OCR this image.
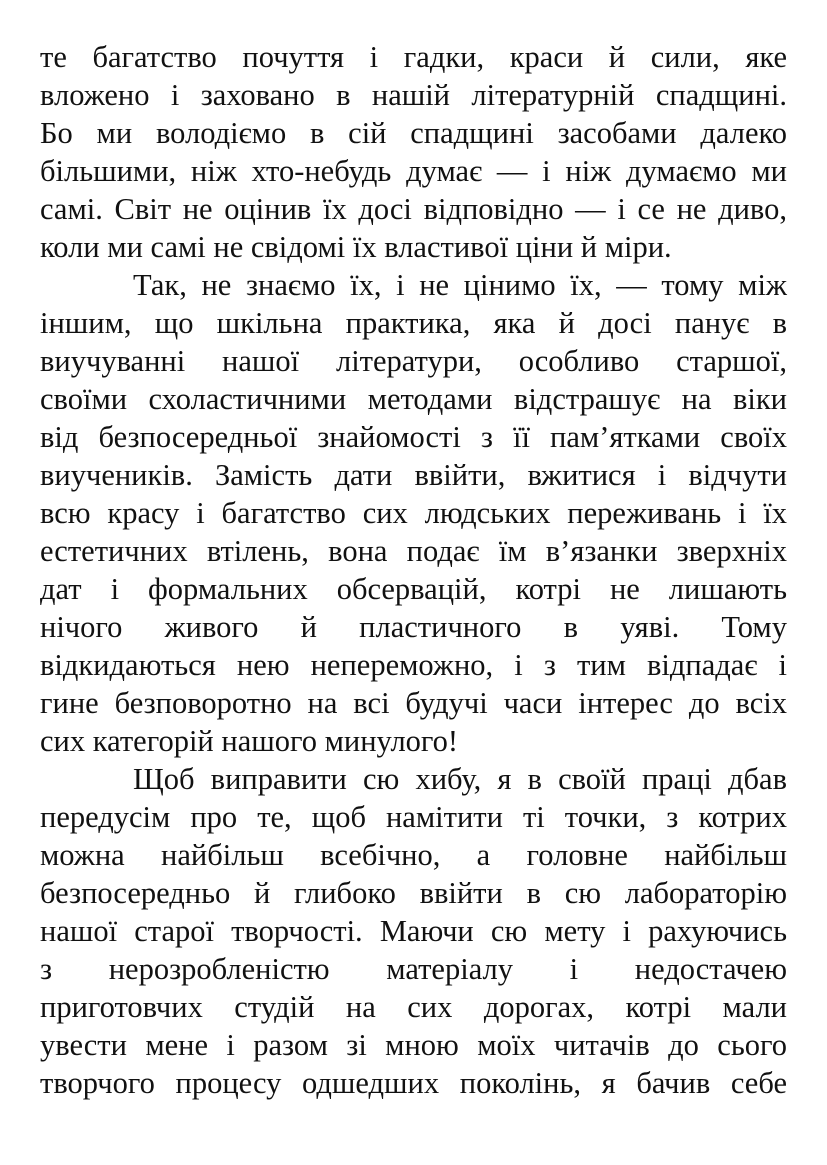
те багатство почуття і гадки, краси й сили, яке
вложено і заховано в нашій літературній спадщині.
Бо ми володіємо в сій спадщині засобами далеко
більшими, ніж хто-небудь думає — і ніж думаємо ми
самі. Світ не оцінив їх досі відповідно — і се не диво,
коли ми самі не свідомі їх властивої ціни й міри.
Так, не знаємо їх, і не цінимо їх, — тому між
іншим, що шкільна практика, яка й досі панує в
виучуванні нашої літератури, особливо старшої,
своїми схоластичними методами відстрашує на віки
від безпосередньої знайомості з її пам’ятками своїх
виучеників. Замість дати ввійти, вжитися і відчути
всю красу і багатство сих людських переживань і їх
естетичних втілень, вона подає їм в’язанки зверхніх
дат і формальних обсервацій, котрі не лишають
нічого живого й пластичного в уяві. Тому
відкидаються нею непереможно, і з тим відпадає і
гине безповоротно на всі будучі часи інтерес до всіх
сих категорій нашого минулого!
Щоб виправити сю хибу, я в своїй праці дбав
передусім про те, щоб намітити ті точки, з котрих
можна найбільш всебічно, а головне найбільш
безпосередньо й глибоко ввійти в сю лабораторію
нашої старої творчості. Маючи сю мету і рахуючись
з нерозробленістю матеріалу і недостачею
приготовчих студій на сих дорогах, котрі мали
увести мене і разом зі мною моїх читачів до сього
творчого процесу одшедших поколінь, я бачив себе
